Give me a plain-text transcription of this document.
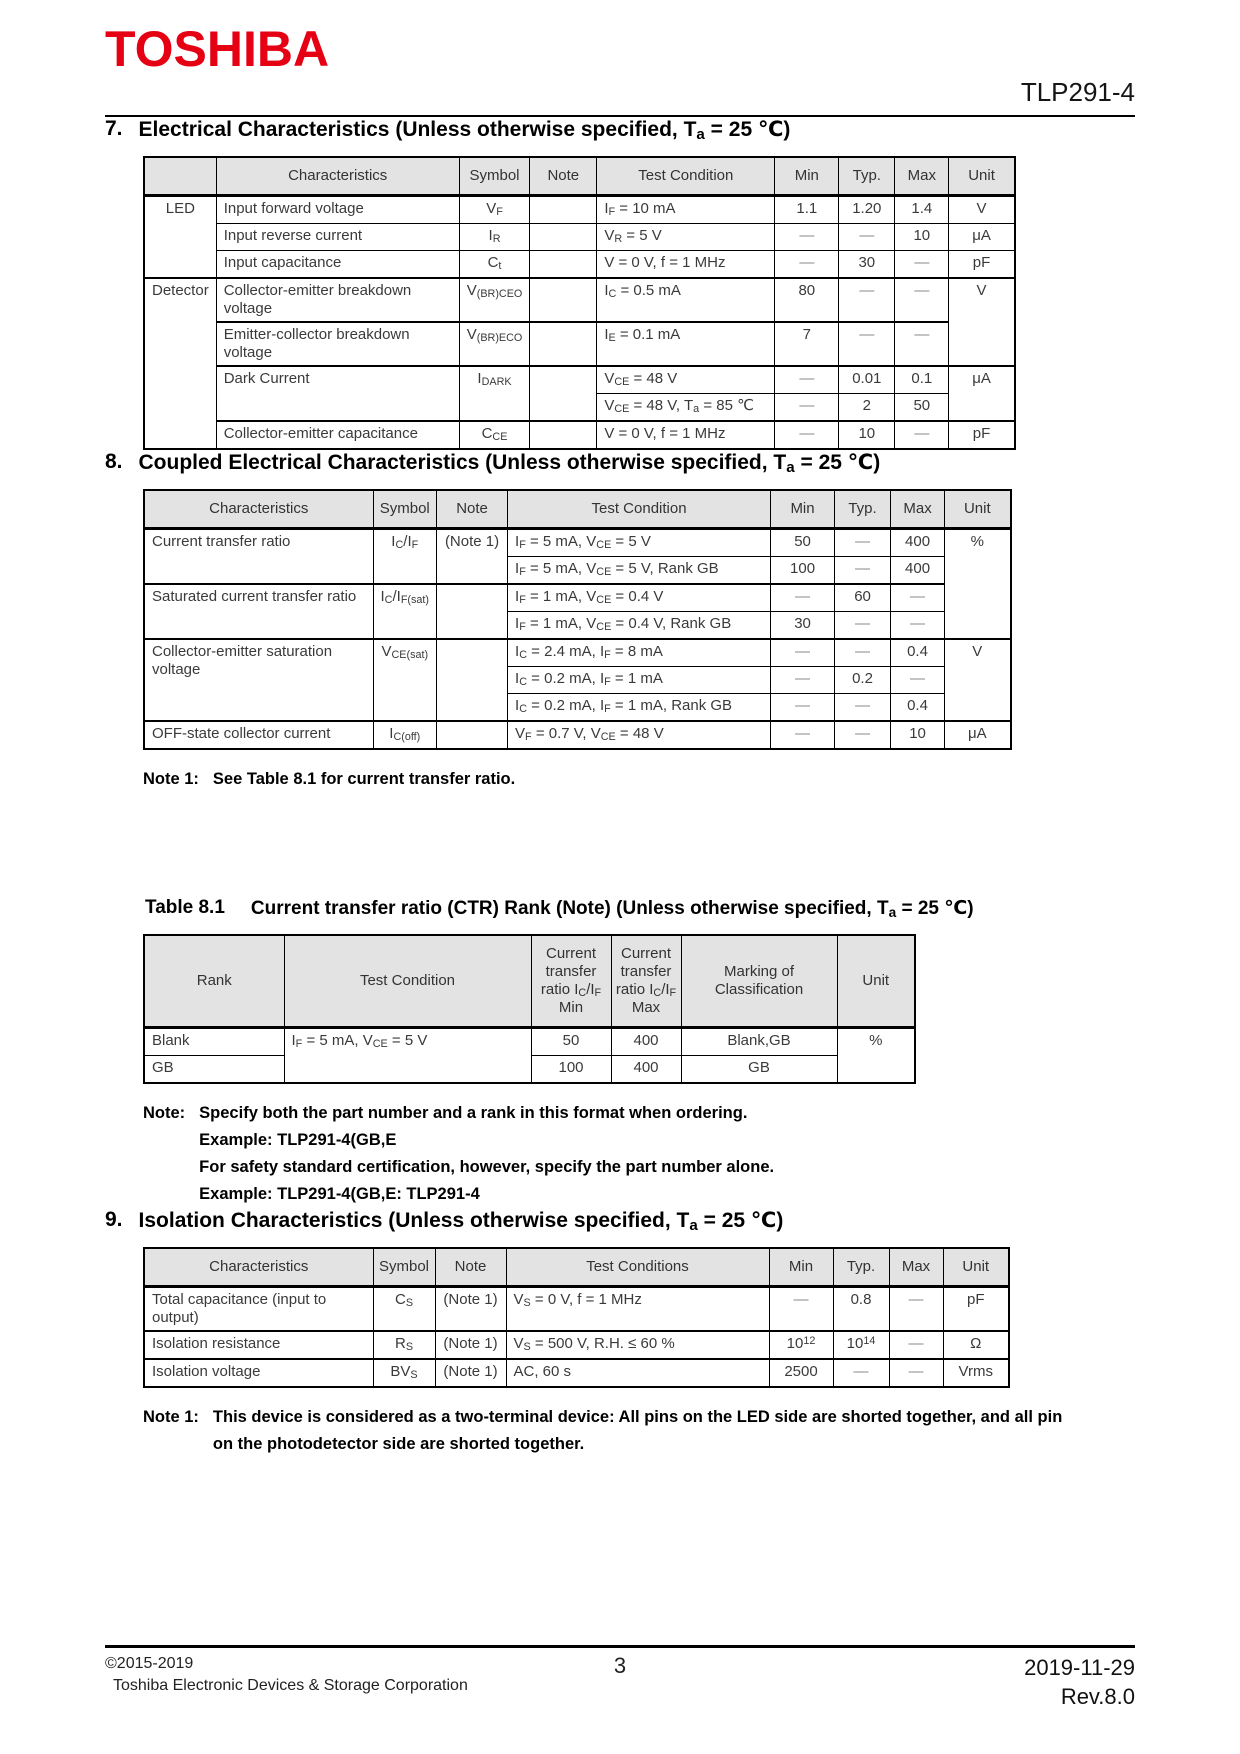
TOSHIBA
TLP291-4
7. Electrical Characteristics (Unless otherwise specified, $T_a = 25$ ℃)
	Characteristics	Symbol	Note	Test Condition	Min	Typ.	Max	Unit
LED	Input forward voltage	$V_F$		$I_F = 10$ mA	1.1	1.20	1.4	V
	Input reverse current	$I_R$		$V_R = 5$ V	—	—	10	μA
	Input capacitance	$C_t$		V = 0 V, f = 1 MHz	—	30	—	pF
Detector	Collector-emitter breakdown voltage	$V_{(BR)CEO}$		$I_C = 0.5$ mA	80	—	—	V
	Emitter-collector breakdown voltage	$V_{(BR)ECO}$		$I_E = 0.1$ mA	7	—	—	
	Dark Current	$I_{DARK}$		$V_{CE} = 48$ V	—	0.01	0.1	μA
				$V_{CE} = 48$ V, $T_a = 85$ ℃	—	2	50	
	Collector-emitter capacitance	$C_{CE}$		V = 0 V, f = 1 MHz	—	10	—	pF
8. Coupled Electrical Characteristics (Unless otherwise specified, $T_a = 25$ ℃)
Characteristics	Symbol	Note	Test Condition	Min	Typ.	Max	Unit
Current transfer ratio	$I_C/I_F$	(Note 1)	$I_F = 5$ mA, $V_{CE} = 5$ V	50	—	400	%
			$I_F = 5$ mA, $V_{CE} = 5$ V, Rank GB	100	—	400	
Saturated current transfer ratio	$I_C/I_{F(sat)}$		$I_F = 1$ mA, $V_{CE} = 0.4$ V	—	60	—	
			$I_F = 1$ mA, $V_{CE} = 0.4$ V, Rank GB	30	—	—	
Collector-emitter saturation voltage	$V_{CE(sat)}$		$I_C = 2.4$ mA, $I_F = 8$ mA	—	—	0.4	V
			$I_C = 0.2$ mA, $I_F = 1$ mA	—	0.2	—	
			$I_C = 0.2$ mA, $I_F = 1$ mA, Rank GB	—	—	0.4	
OFF-state collector current	$I_{C(off)}$		$V_F = 0.7$ V, $V_{CE} = 48$ V	—	—	10	μA
Note 1: See Table 8.1 for current transfer ratio.
Table 8.1 Current transfer ratio (CTR) Rank (Note) (Unless otherwise specified, $T_a = 25$ ℃)
Rank	Test Condition	Current transfer ratio $I_C/I_F$ Min	Current transfer ratio $I_C/I_F$ Max	Marking of Classification	Unit
Blank	$I_F = 5$ mA, $V_{CE} = 5$ V	50	400	Blank,GB	%
GB		100	400	GB	
Note: Specify both the part number and a rank in this format when ordering.
Example: TLP291-4(GB,E
For safety standard certification, however, specify the part number alone.
Example: TLP291-4(GB,E: TLP291-4
9. Isolation Characteristics (Unless otherwise specified, $T_a = 25$ ℃)
Characteristics	Symbol	Note	Test Conditions	Min	Typ.	Max	Unit
Total capacitance (input to output)	$C_S$	(Note 1)	$V_S = 0$ V, f = 1 MHz	—	0.8	—	pF
Isolation resistance	$R_S$	(Note 1)	$V_S = 500$ V, R.H. ≤ 60 %	$10^{12}$	$10^{14}$	—	Ω
Isolation voltage	$BV_S$	(Note 1)	AC, 60 s	2500	—	—	Vrms
Note 1: This device is considered as a two-terminal device: All pins on the LED side are shorted together, and all pin
on the photodetector side are shorted together.
©2015-2019
Toshiba Electronic Devices & Storage Corporation
3	2019-11-29
Rev.8.0
